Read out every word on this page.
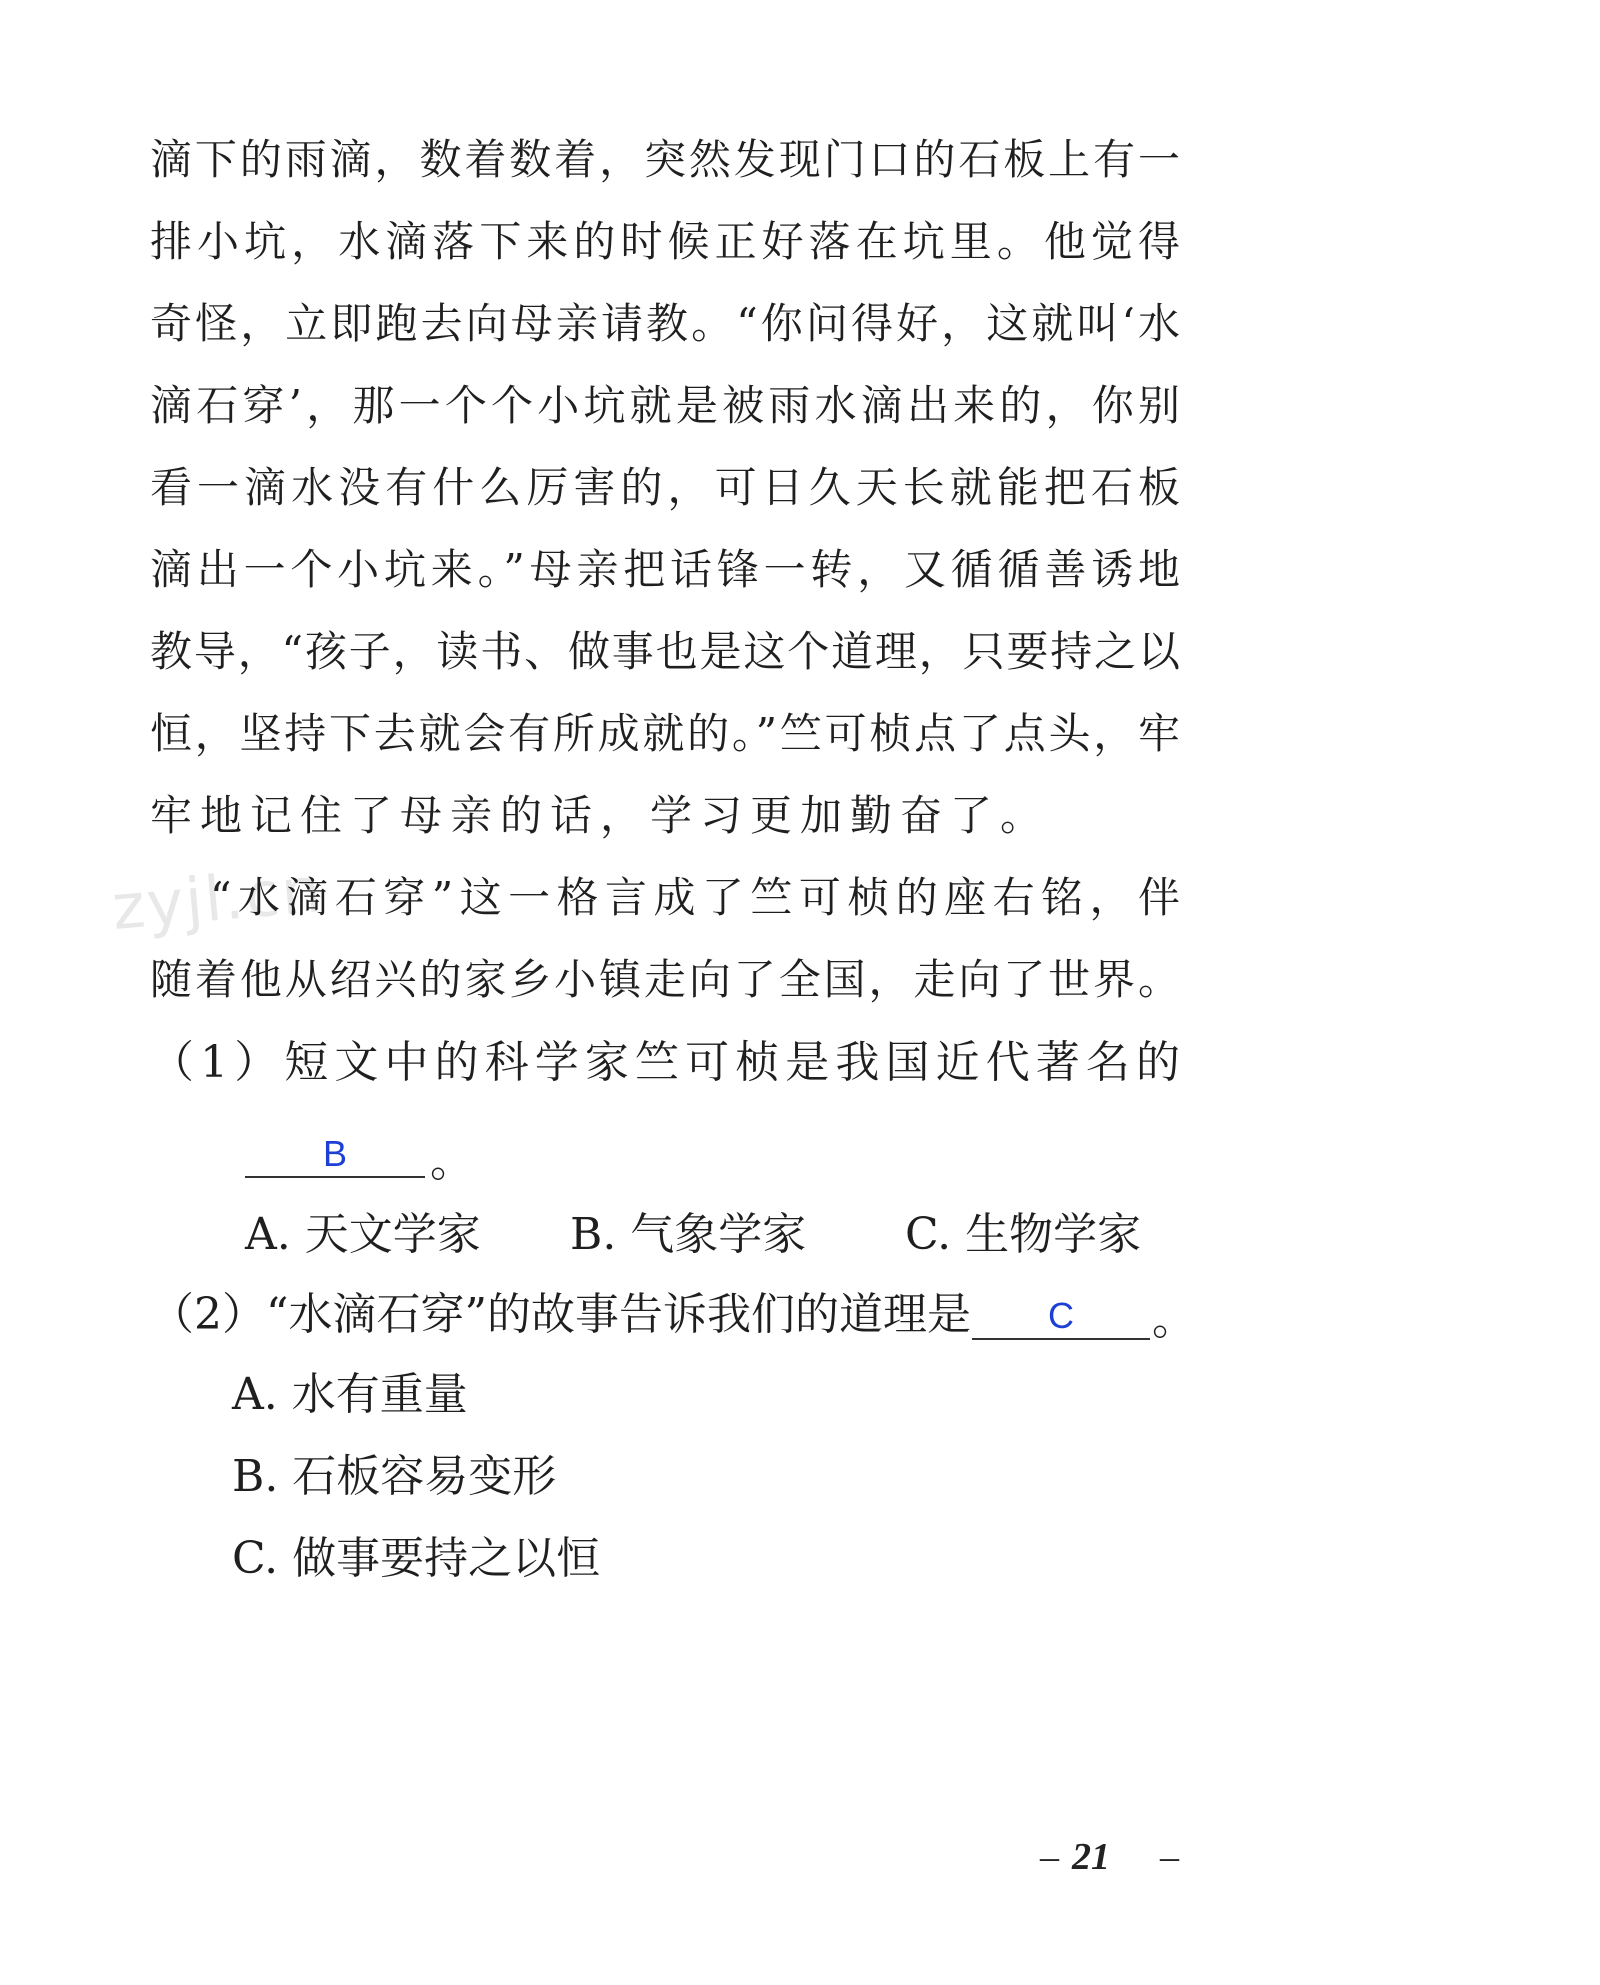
zyjl.cn
滴下的雨滴，数着数着，突然发现门口的石板上有一
排小坑，水滴落下来的时候正好落在坑里。他觉得
奇怪，立即跑去向母亲请教。“你问得好，这就叫‘水
滴石穿’，那一个个小坑就是被雨水滴出来的，你别
看一滴水没有什么厉害的，可日久天长就能把石板
滴出一个小坑来。”母亲把话锋一转，又循循善诱地
教导，“孩子，读书、做事也是这个道理，只要持之以
恒，坚持下去就会有所成就的。”竺可桢点了点头，牢
牢地记住了母亲的话，学习更加勤奋了。
“水滴石穿”这一格言成了竺可桢的座右铭，伴
随着他从绍兴的家乡小镇走向了全国，走向了世界。
（1）短文中的科学家竺可桢是我国近代著名的
B	。
A. 天文学家 B. 气象学家 C. 生物学家
（2）“水滴石穿”的故事告诉我们的道理是	C	。
A. 水有重量
B. 石板容易变形
C. 做事要持之以恒
– 21 –
